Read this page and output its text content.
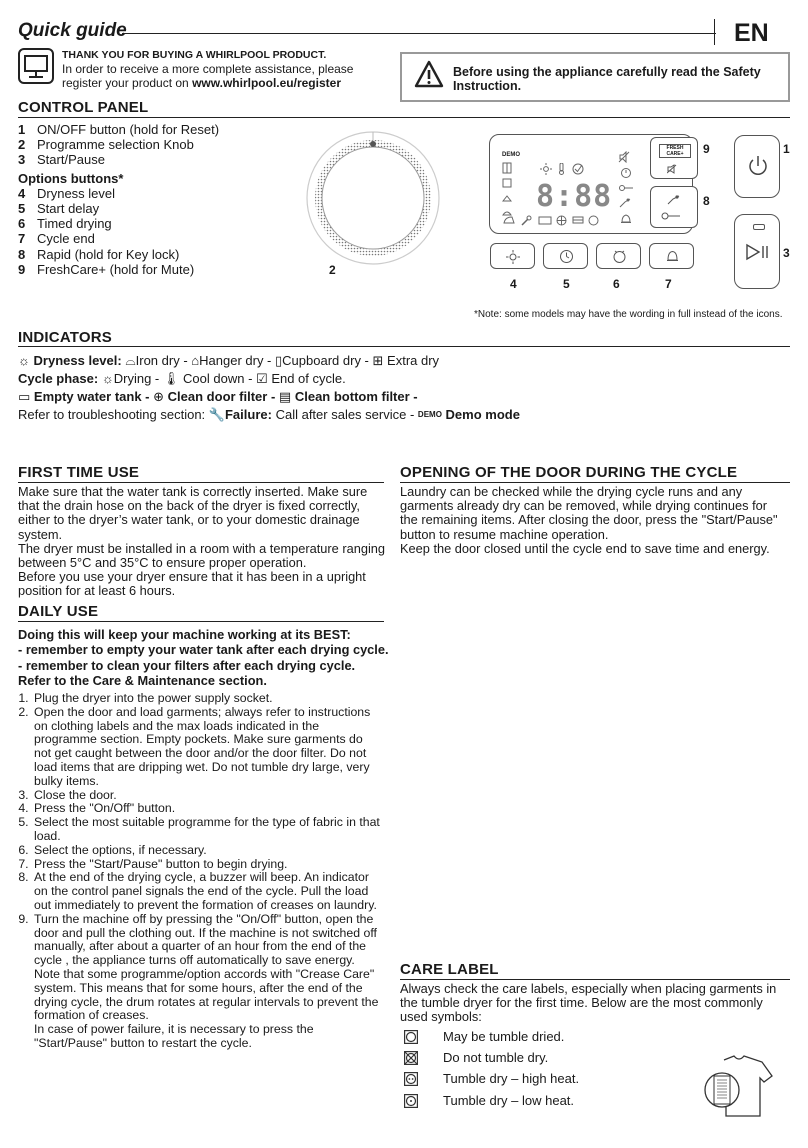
Quick guide	EN
THANK YOU FOR BUYING A WHIRLPOOL PRODUCT.
In order to receive a more complete assistance, please
register your product on www.whirlpool.eu/register
Before using the appliance carefully read the Safety Instruction.
CONTROL PANEL
1 ON/OFF button (hold for Reset)
2 Programme selection Knob
3 Start/Pause
Options buttons*
4 Dryness level
5 Start delay
6 Timed drying
7 Cycle end
8 Rapid (hold for Key lock)
9 FreshCare+ (hold for Mute)	2
DEMO
8:88
FRESH
CARE+	9
8
1
3
4	5	6	7
*Note: some models may have the wording in full instead of the icons.
INDICATORS
☼ Dryness level: ⌓Iron dry - ⌂Hanger dry - ▯Cupboard dry - ⊞ Extra dry
Cycle phase: ☼Drying - 🌡 Cool down - ☑ End of cycle.
▭ Empty water tank - ⊕ Clean door filter - ▤ Clean bottom filter -
Refer to troubleshooting section: 🔧Failure: Call after sales service - DEMO Demo mode
FIRST TIME USE
Make sure that the water tank is correctly inserted. Make sure that the drain hose on the back of the dryer is fixed correctly, either to the dryer’s water tank, or to your domestic drainage system.
The dryer must be installed in a room with a temperature ranging between 5°C and 35°C to ensure proper operation.
Before you use your dryer ensure that it has been in a upright position for at least 6 hours.
DAILY USE
Doing this will keep your machine working at its BEST:
- remember to empty your water tank after each drying cycle.
- remember to clean your filters after each drying cycle.
Refer to the Care & Maintenance section.
1. Plug the dryer into the power supply socket.
2. Open the door and load garments; always refer to instructions on clothing labels and the max loads indicated in the programme section. Empty pockets. Make sure garments do not get caught between the door and/or the door filter. Do not load items that are dripping wet. Do not tumble dry large, very bulky items.
3. Close the door.
4. Press the "On/Off" button.
5. Select the most suitable programme for the type of fabric in that load.
6. Select the options, if necessary.
7. Press the "Start/Pause" button to begin drying.
8. At the end of the drying cycle, a buzzer will beep. An indicator on the control panel signals the end of the cycle. Pull the load out immediately to prevent the formation of creases on laundry.
9. Turn the machine off by pressing the "On/Off" button, open the door and pull the clothing out. If the machine is not switched off manually, after about a quarter of an hour from the end of the cycle , the appliance turns off automatically to save energy.
Note that some programme/option accords with "Crease Care" system. This means that for some hours, after the end of the drying cycle, the drum rotates at regular intervals to prevent the formation of creases.
In case of power failure, it is necessary to press the "Start/Pause" button to restart the cycle.
OPENING OF THE DOOR DURING THE CYCLE
Laundry can be checked while the drying cycle runs and any garments already dry can be removed, while drying continues for the remaining items. After closing the door, press the "Start/Pause" button to resume machine operation.
Keep the door closed until the cycle end to save time and energy.
CARE LABEL
Always check the care labels, especially when placing garments in the tumble dryer for the first time. Below are the most commonly used symbols:
May be tumble dried.
Do not tumble dry.
Tumble dry – high heat.
Tumble dry – low heat.
